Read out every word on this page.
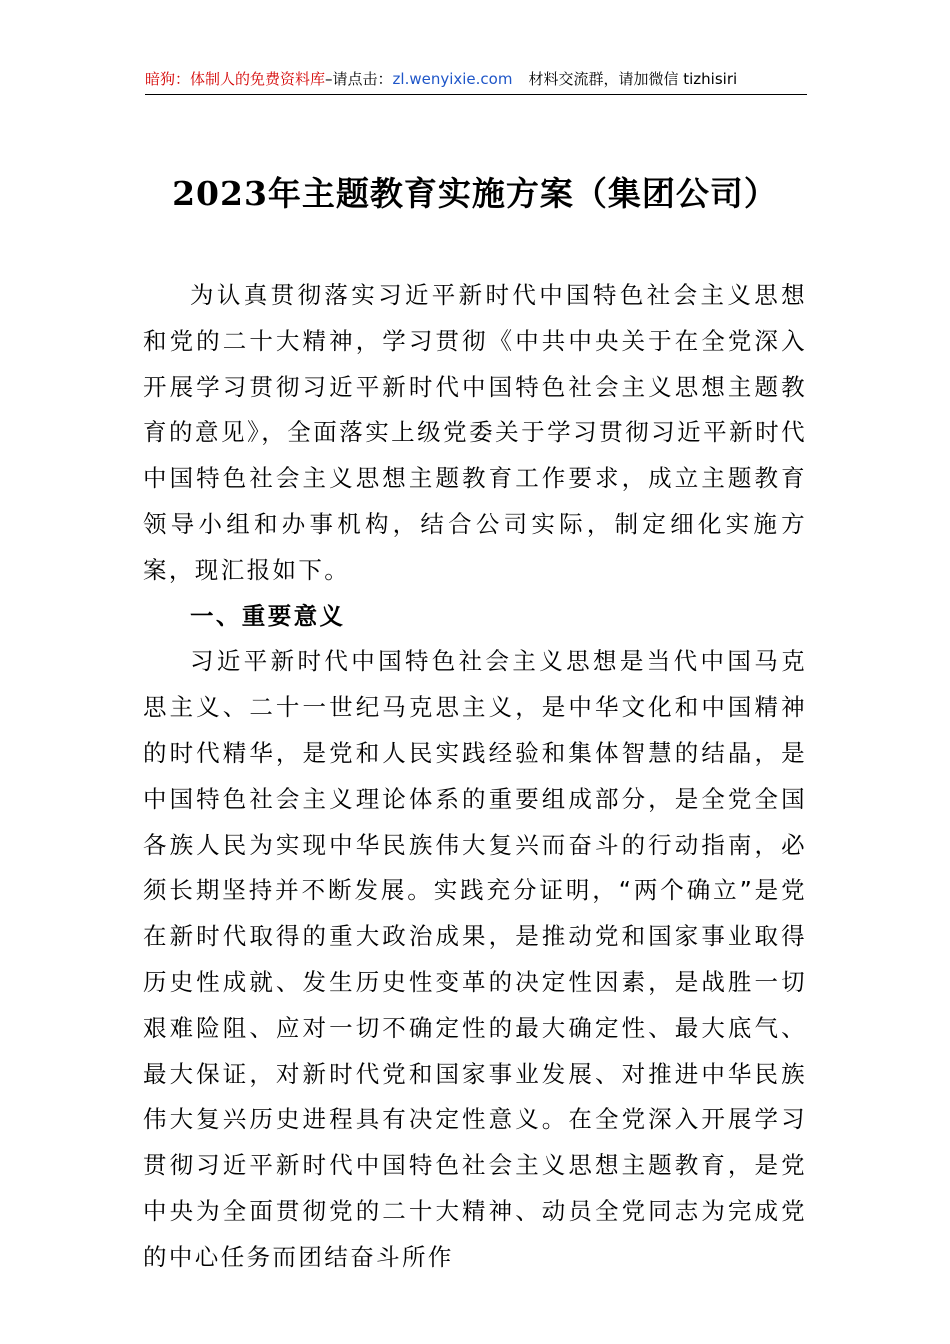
暗狗：体制人的免费资料库–请点击：zl.wenyixie.com 材料交流群，请加微信 tizhisiri
2023年主题教育实施方案（集团公司）

为认真贯彻落实习近平新时代中国特色社会主义思想和党的二十大精神，学习贯彻《中共中央关于在全党深入开展学习贯彻习近平新时代中国特色社会主义思想主题教育的意见》，全面落实上级党委关于学习贯彻习近平新时代中国特色社会主义思想主题教育工作要求，成立主题教育领导小组和办事机构，结合公司实际，制定细化实施方案，现汇报如下。

一、重要意义

习近平新时代中国特色社会主义思想是当代中国马克思主义、二十一世纪马克思主义，是中华文化和中国精神的时代精华，是党和人民实践经验和集体智慧的结晶，是中国特色社会主义理论体系的重要组成部分，是全党全国各族人民为实现中华民族伟大复兴而奋斗的行动指南，必须长期坚持并不断发展。实践充分证明，“两个确立”是党在新时代取得的重大政治成果，是推动党和国家事业取得历史性成就、发生历史性变革的决定性因素，是战胜一切艰难险阻、应对一切不确定性的最大确定性、最大底气、最大保证，对新时代党和国家事业发展、对推进中华民族伟大复兴历史进程具有决定性意义。在全党深入开展学习贯彻习近平新时代中国特色社会主义思想主题教育，是党中央为全面贯彻党的二十大精神、动员全党同志为完成党的中心任务而团结奋斗所作
